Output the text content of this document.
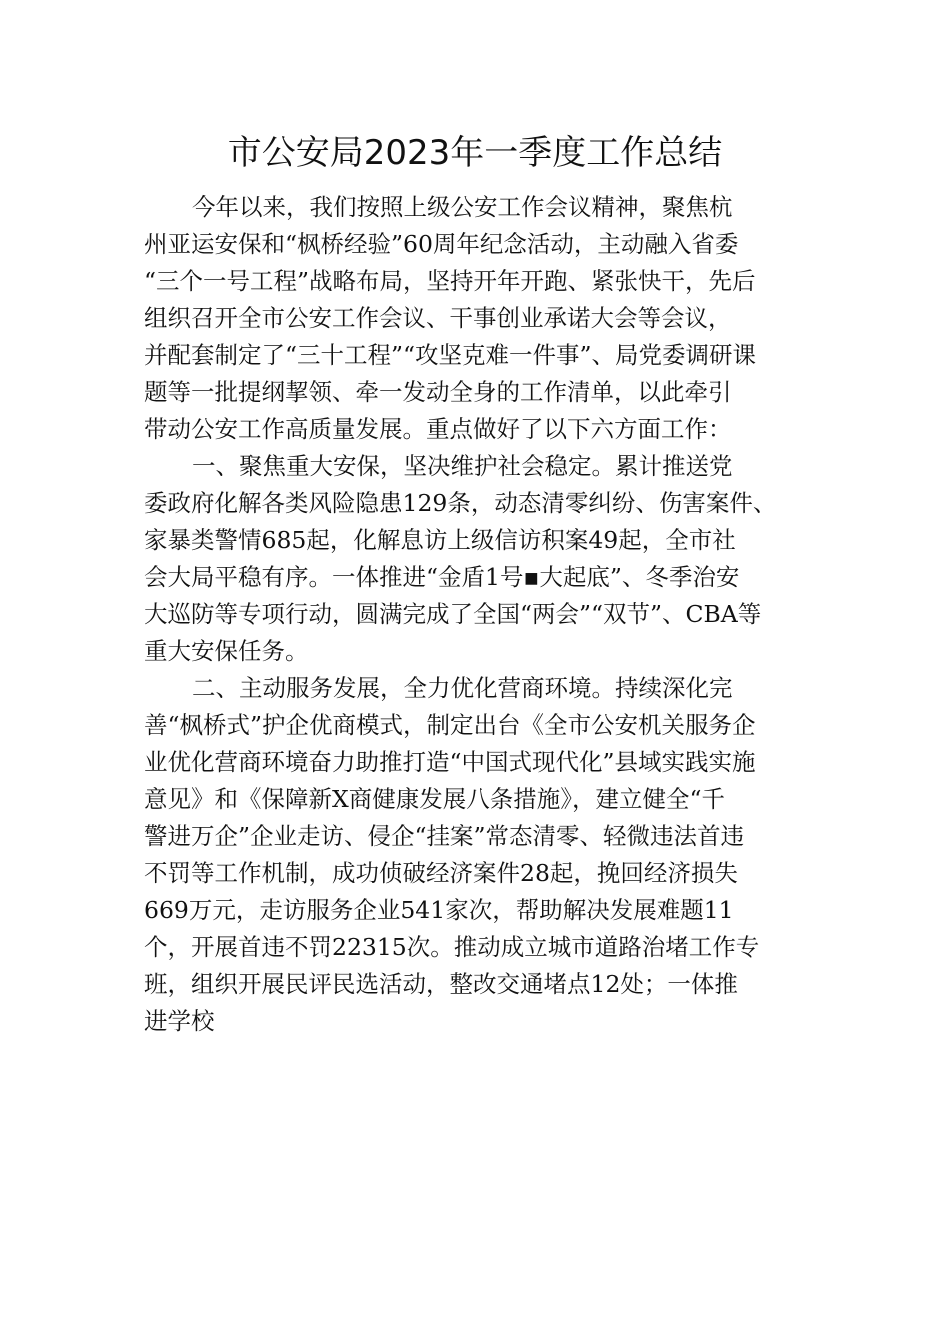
市公安局2023年一季度工作总结
今年以来，我们按照上级公安工作会议精神，聚焦杭
州亚运安保和“枫桥经验”60周年纪念活动，主动融入省委
“三个一号工程”战略布局，坚持开年开跑、紧张快干，先后
组织召开全市公安工作会议、干事创业承诺大会等会议，
并配套制定了“三十工程”“攻坚克难一件事”、局党委调研课
题等一批提纲挈领、牵一发动全身的工作清单，以此牵引
带动公安工作高质量发展。重点做好了以下六方面工作：
一、聚焦重大安保，坚决维护社会稳定。累计推送党
委政府化解各类风险隐患129条，动态清零纠纷、伤害案件、
家暴类警情685起，化解息访上级信访积案49起，全市社
会大局平稳有序。一体推进“金盾1号▪大起底”、冬季治安
大巡防等专项行动，圆满完成了全国“两会”“双节”、CBA等
重大安保任务。
二、主动服务发展，全力优化营商环境。持续深化完
善“枫桥式”护企优商模式，制定出台《全市公安机关服务企
业优化营商环境奋力助推打造“中国式现代化”县域实践实施
意见》和《保障新X商健康发展八条措施》，建立健全“千
警进万企”企业走访、侵企“挂案”常态清零、轻微违法首违
不罚等工作机制，成功侦破经济案件28起，挽回经济损失
669万元，走访服务企业541家次，帮助解决发展难题11
个，开展首违不罚22315次。推动成立城市道路治堵工作专
班，组织开展民评民选活动，整改交通堵点12处；一体推
进学校
